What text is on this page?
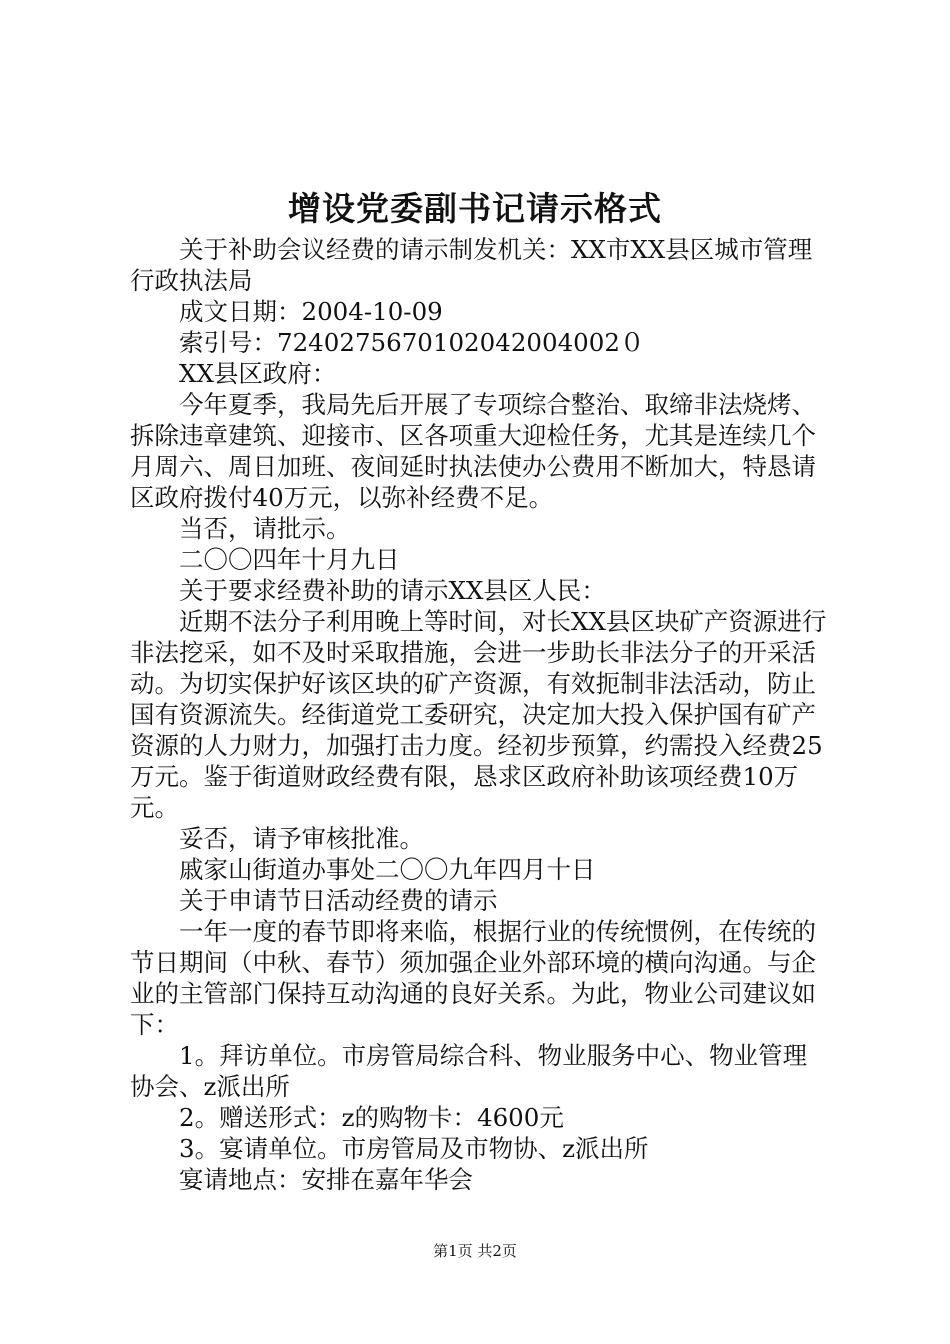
增设党委副书记请示格式

关于补助会议经费的请示制发机关：XX市XX县区城市管理行政执法局

成文日期：2004-10-09

索引号：7240275670102042004002０

XX县区政府：

今年夏季，我局先后开展了专项综合整治、取缔非法烧烤、拆除违章建筑、迎接市、区各项重大迎检任务，尤其是连续几个月周六、周日加班、夜间延时执法使办公费用不断加大，特恳请区政府拨付40万元，以弥补经费不足。

当否，请批示。

二〇〇四年十月九日

关于要求经费补助的请示XX县区人民：

近期不法分子利用晚上等时间，对长XX县区块矿产资源进行非法挖采，如不及时采取措施，会进一步助长非法分子的开采活动。为切实保护好该区块的矿产资源，有效扼制非法活动，防止国有资源流失。经街道党工委研究，决定加大投入保护国有矿产资源的人力财力，加强打击力度。经初步预算，约需投入经费25万元。鉴于街道财政经费有限，恳求区政府补助该项经费10万元。

妥否，请予审核批准。

戚家山街道办事处二〇〇九年四月十日

关于申请节日活动经费的请示

一年一度的春节即将来临，根据行业的传统惯例，在传统的节日期间（中秋、春节）须加强企业外部环境的横向沟通。与企业的主管部门保持互动沟通的良好关系。为此，物业公司建议如下：

1。拜访单位。市房管局综合科、物业服务中心、物业管理协会、z派出所

2。赠送形式：z的购物卡：4600元

3。宴请单位。市房管局及市物协、z派出所

宴请地点：安排在嘉年华会

第1页 共2页
